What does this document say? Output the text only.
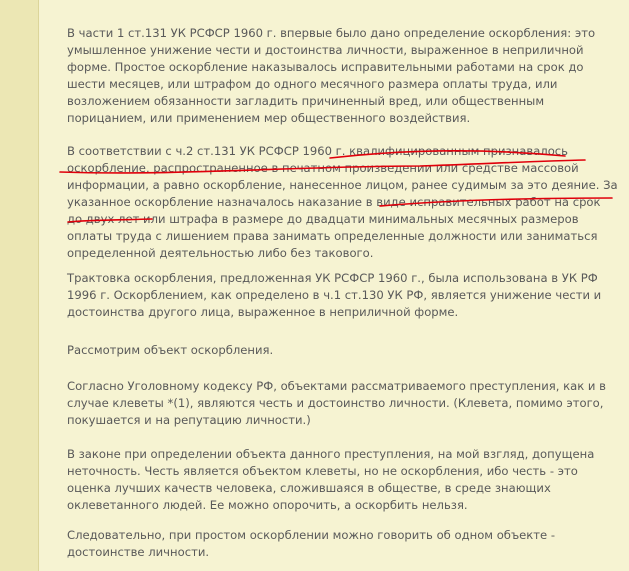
В части 1 ст.131 УК РСФСР 1960 г. впервые было дано определение оскорбления: это умышленное унижение чести и достоинства личности, выраженное в неприличной форме. Простое оскорбление наказывалось исправительными работами на срок до шести месяцев, или штрафом до одного месячного размера оплаты труда, или возложением обязанности загладить причиненный вред, или общественным порицанием, или применением мер общественного воздействия.

В соответствии с ч.2 ст.131 УК РСФСР 1960 г. квалифицированным признавалось оскорбление, распространенное в печатном произведении или средстве массовой информации, а равно оскорбление, нанесенное лицом, ранее судимым за это деяние. За указанное оскорбление назначалось наказание в виде исправительных работ на срок до двух лет или штрафа в размере до двадцати минимальных месячных размеров оплаты труда с лишением права занимать определенные должности или заниматься определенной деятельностью либо без такового.

Трактовка оскорбления, предложенная УК РСФСР 1960 г., была использована в УК РФ 1996 г. Оскорблением, как определено в ч.1 ст.130 УК РФ, является унижение чести и достоинства другого лица, выраженное в неприличной форме.

Рассмотрим объект оскорбления.

Согласно Уголовному кодексу РФ, объектами рассматриваемого преступления, как и в случае клеветы *(1), являются честь и достоинство личности. (Клевета, помимо этого, покушается и на репутацию личности.)

В законе при определении объекта данного преступления, на мой взгляд, допущена неточность. Честь является объектом клеветы, но не оскорбления, ибо честь - это оценка лучших качеств человека, сложившаяся в обществе, в среде знающих оклеветанного людей. Ее можно опорочить, а оскорбить нельзя.

Следовательно, при простом оскорблении можно говорить об одном объекте - достоинстве личности.
